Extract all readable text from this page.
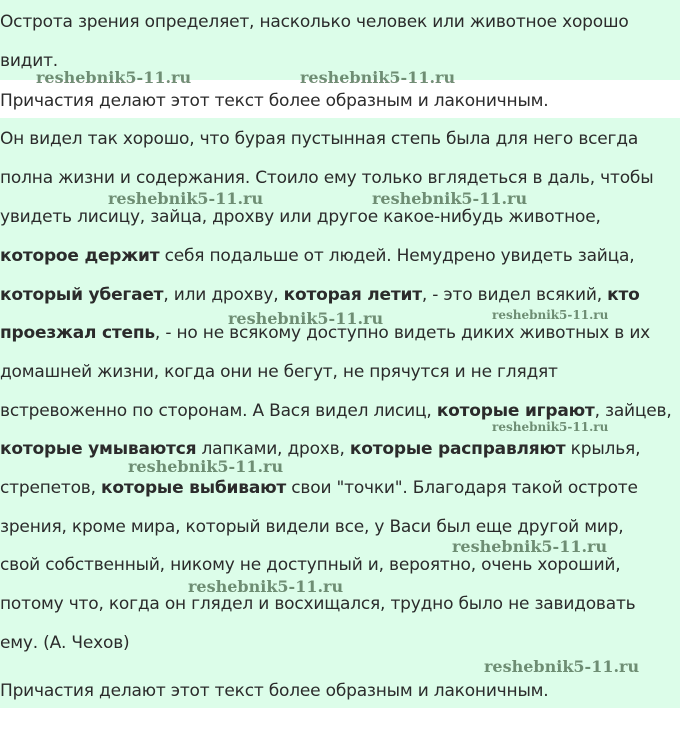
Острота зрения определяет, насколько человек или животное хорошо

видит.

Причастия делают этот текст более образным и лаконичным.

Он видел так хорошо, что бурая пустынная степь была для него всегда

полна жизни и содержания. Стоило ему только вглядеться в даль, чтобы

увидеть лисицу, зайца, дрохву или другое какое-нибудь животное,

которое держит себя подальше от людей. Немудрено увидеть зайца,

который убегает, или дрохву, которая летит, - это видел всякий, кто

проезжал степь, - но не всякому доступно видеть диких животных в их

домашней жизни, когда они не бегут, не прячутся и не глядят

встревоженно по сторонам. А Вася видел лисиц, которые играют, зайцев,

которые умываются лапками, дрохв, которые расправляют крылья,

стрепетов, которые выбивают свои "точки". Благодаря такой остроте

зрения, кроме мира, который видели все, у Васи был еще другой мир,

свой собственный, никому не доступный и, вероятно, очень хороший,

потому что, когда он глядел и восхищался, трудно было не завидовать

ему. (А. Чехов)

Причастия делают этот текст более образным и лаконичным.

reshebnik5-11.ru	reshebnik5-11.ru
reshebnik5-11.ru	reshebnik5-11.ru
reshebnik5-11.ru	reshebnik5-11.ru
reshebnik5-11.ru
reshebnik5-11.ru
reshebnik5-11.ru
reshebnik5-11.ru
reshebnik5-11.ru
